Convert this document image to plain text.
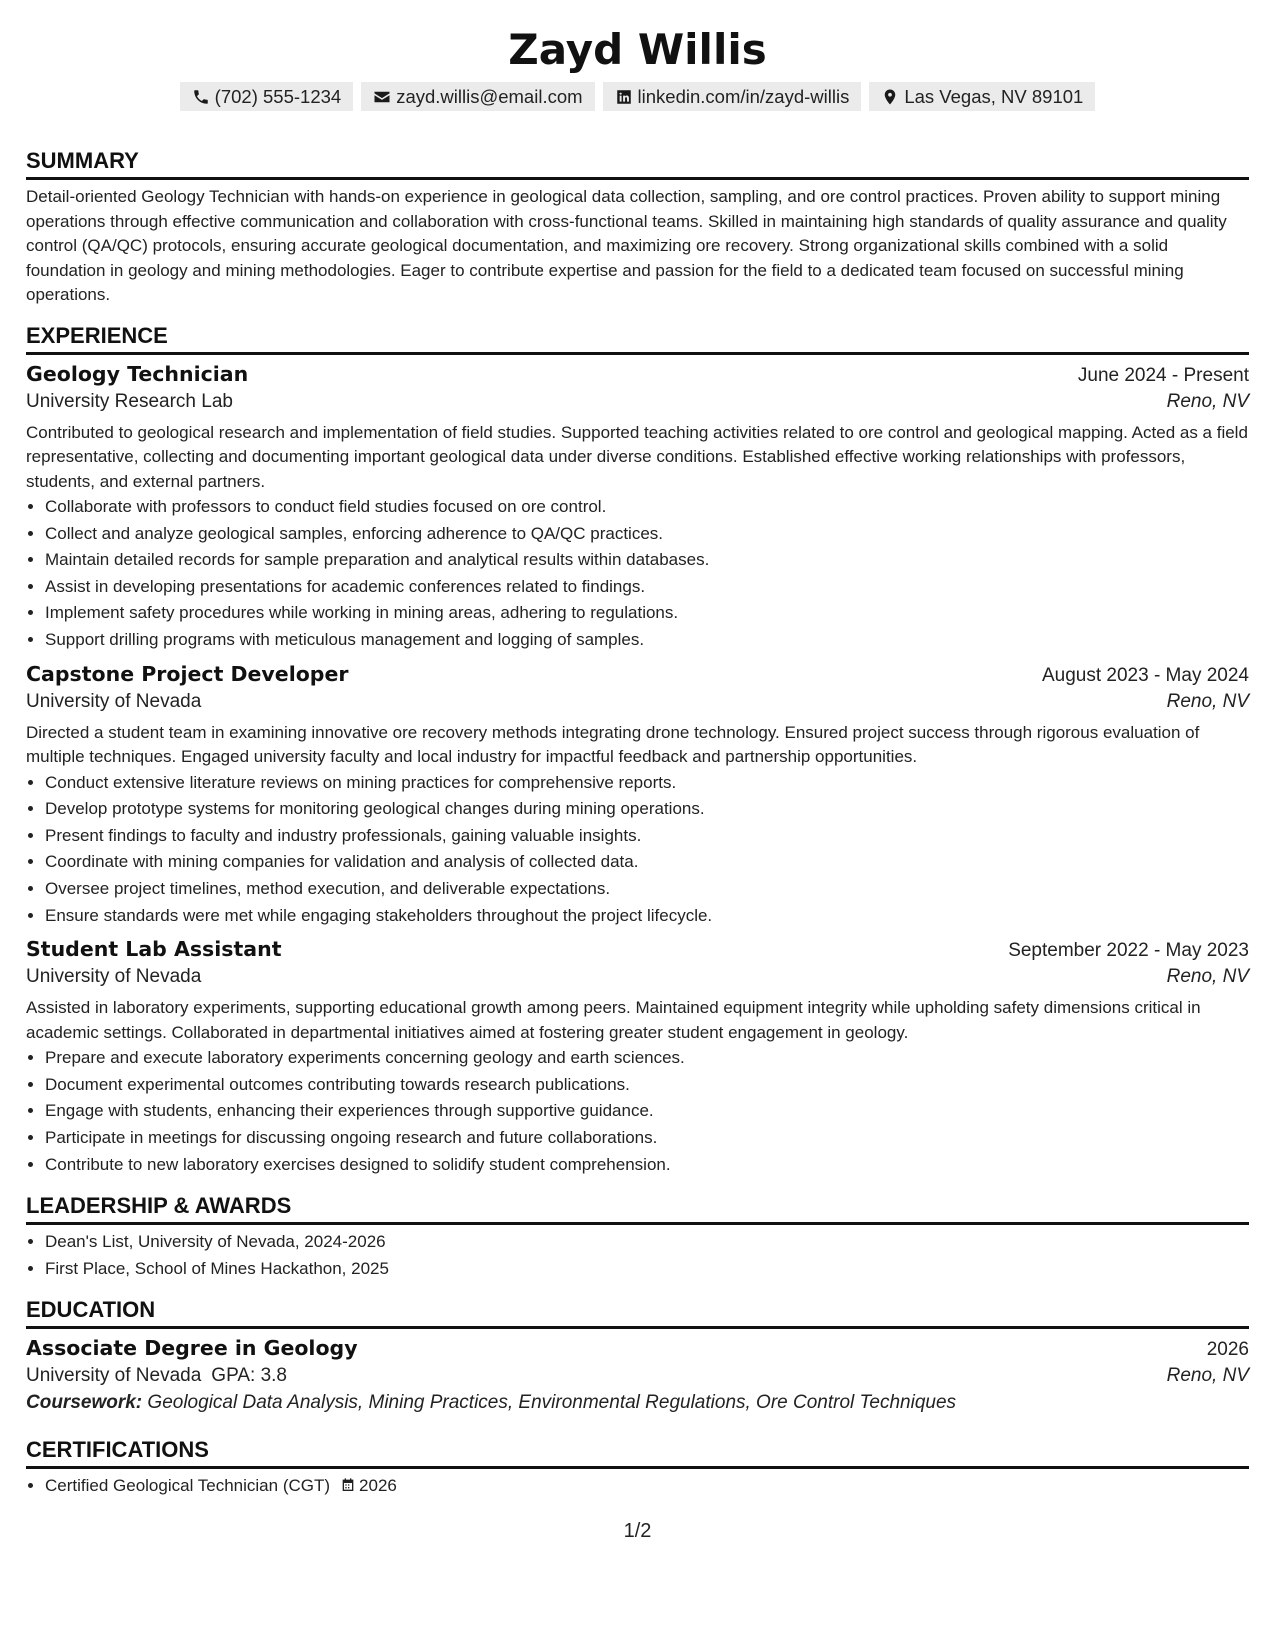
Zayd Willis
(702) 555-1234	zayd.willis@email.com	linkedin.com/in/zayd-willis	Las Vegas, NV 89101
SUMMARY

Detail-oriented Geology Technician with hands-on experience in geological data collection, sampling, and ore control practices. Proven ability to support mining operations through effective communication and collaboration with cross-functional teams. Skilled in maintaining high standards of quality assurance and quality control (QA/QC) protocols, ensuring accurate geological documentation, and maximizing ore recovery. Strong organizational skills combined with a solid foundation in geology and mining methodologies. Eager to contribute expertise and passion for the field to a dedicated team focused on successful mining operations.

EXPERIENCE
Geology Technician	June 2024 - Present
University Research Lab	Reno, NV

Contributed to geological research and implementation of field studies. Supported teaching activities related to ore control and geological mapping. Acted as a field representative, collecting and documenting important geological data under diverse conditions. Established effective working relationships with professors, students, and external partners.

• Collaborate with professors to conduct field studies focused on ore control.
• Collect and analyze geological samples, enforcing adherence to QA/QC practices.
• Maintain detailed records for sample preparation and analytical results within databases.
• Assist in developing presentations for academic conferences related to findings.
• Implement safety procedures while working in mining areas, adhering to regulations.
• Support drilling programs with meticulous management and logging of samples.
Capstone Project Developer	August 2023 - May 2024
University of Nevada	Reno, NV

Directed a student team in examining innovative ore recovery methods integrating drone technology. Ensured project success through rigorous evaluation of multiple techniques. Engaged university faculty and local industry for impactful feedback and partnership opportunities.

• Conduct extensive literature reviews on mining practices for comprehensive reports.
• Develop prototype systems for monitoring geological changes during mining operations.
• Present findings to faculty and industry professionals, gaining valuable insights.
• Coordinate with mining companies for validation and analysis of collected data.
• Oversee project timelines, method execution, and deliverable expectations.
• Ensure standards were met while engaging stakeholders throughout the project lifecycle.
Student Lab Assistant	September 2022 - May 2023
University of Nevada	Reno, NV

Assisted in laboratory experiments, supporting educational growth among peers. Maintained equipment integrity while upholding safety dimensions critical in academic settings. Collaborated in departmental initiatives aimed at fostering greater student engagement in geology.

• Prepare and execute laboratory experiments concerning geology and earth sciences.
• Document experimental outcomes contributing towards research publications.
• Engage with students, enhancing their experiences through supportive guidance.
• Participate in meetings for discussing ongoing research and future collaborations.
• Contribute to new laboratory exercises designed to solidify student comprehension.
LEADERSHIP & AWARDS
• Dean's List, University of Nevada, 2024-2026
• First Place, School of Mines Hackathon, 2025
EDUCATION
Associate Degree in Geology	2026
University of Nevada GPA: 3.8	Reno, NV
Coursework: Geological Data Analysis, Mining Practices, Environmental Regulations, Ore Control Techniques
CERTIFICATIONS
• Certified Geological Technician (CGT) 2026
1/2
